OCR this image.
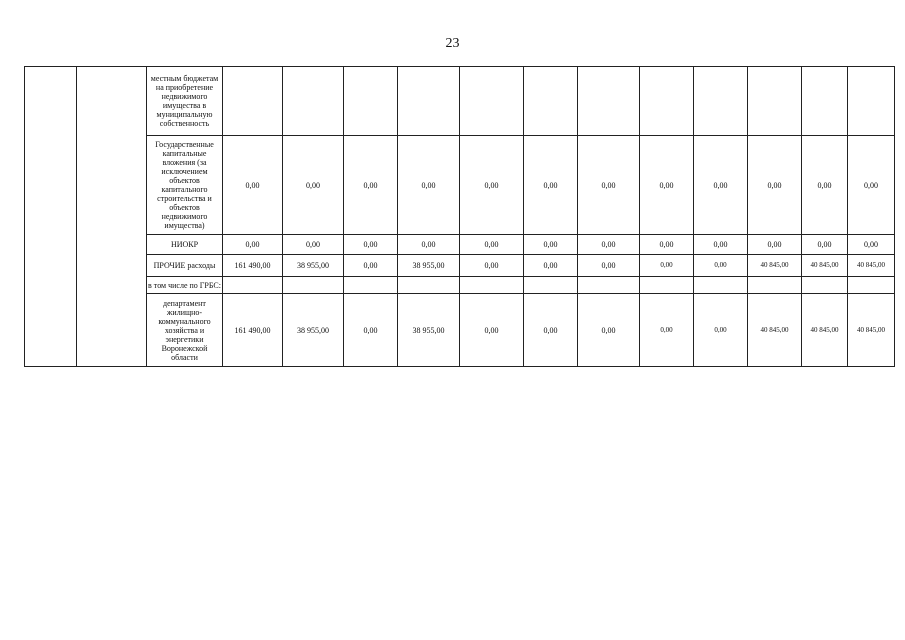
23
		местным бюджетам на приобретение недвижимого имущества в муниципальную собственность												
		Государственные капитальные вложения (за исключением объектов капитального строительства и объектов недвижимого имущества)	0,00	0,00	0,00	0,00	0,00	0,00	0,00	0,00	0,00	0,00	0,00	0,00
		НИОКР	0,00	0,00	0,00	0,00	0,00	0,00	0,00	0,00	0,00	0,00	0,00	0,00
		ПРОЧИЕ расходы	161 490,00	38 955,00	0,00	38 955,00	0,00	0,00	0,00	0,00	0,00	40 845,00	40 845,00	40 845,00
		в том числе по ГРБС:												
		департамент жилищно-коммунального хозяйства и энергетики Воронежской области	161 490,00	38 955,00	0,00	38 955,00	0,00	0,00	0,00	0,00	0,00	40 845,00	40 845,00	40 845,00
